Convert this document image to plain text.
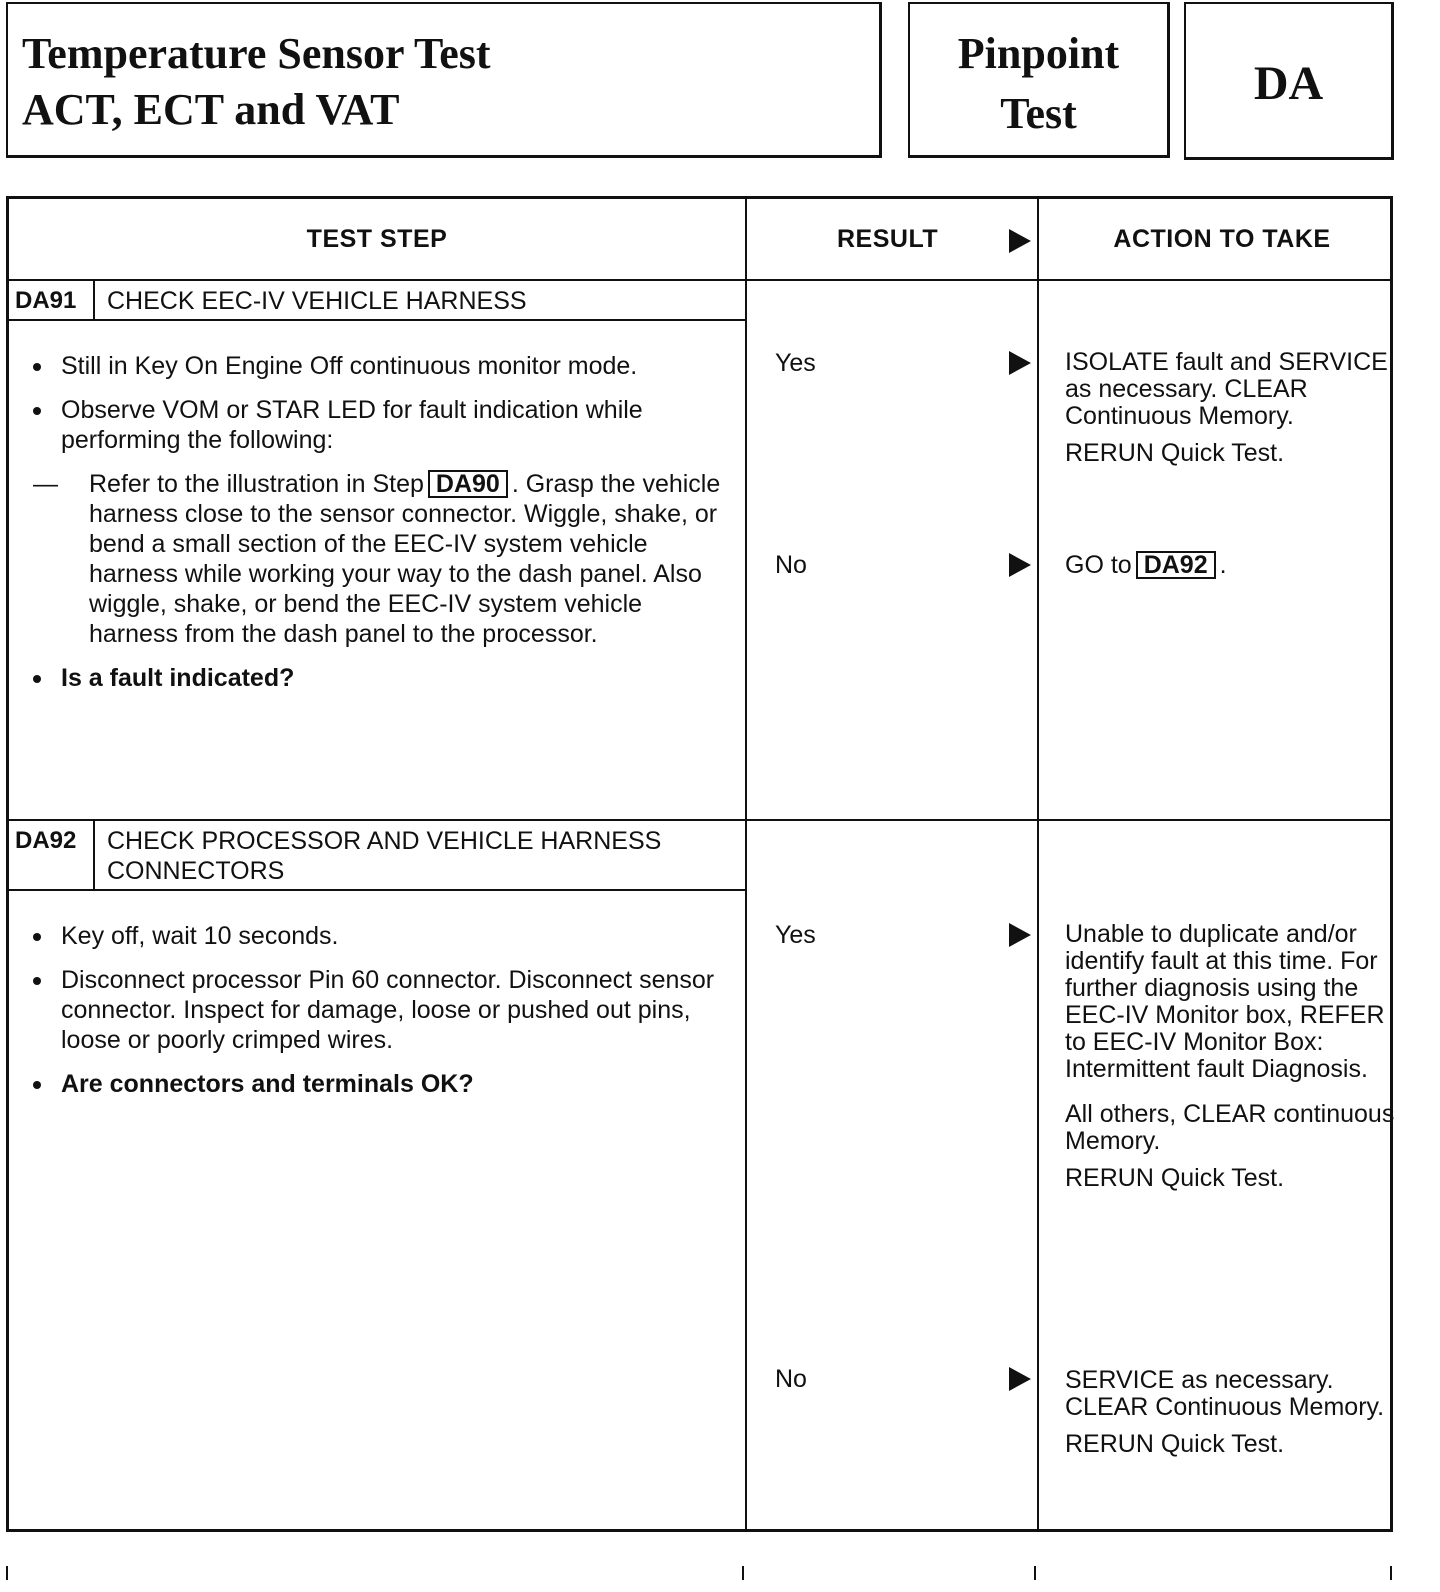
Temperature Sensor Test
ACT, ECT and VAT
Pinpoint
Test
DA
TEST STEP	RESULT	ACTION TO TAKE
DA91	CHECK EEC-IV VEHICLE HARNESS
Still in Key On Engine Off continuous monitor mode.
Observe VOM or STAR LED for fault indication while performing the following:
— Refer to the illustration in Step DA90 . Grasp the vehicle harness close to the sensor connector. Wiggle, shake, or bend a small section of the EEC-IV system vehicle harness while working your way to the dash panel. Also wiggle, shake, or bend the EEC-IV system vehicle harness from the dash panel to the processor.
Is a fault indicated?
Yes	ISOLATE fault and SERVICE as necessary. CLEAR Continuous Memory.

RERUN Quick Test.

No	GO to DA92 .
DA92	CHECK PROCESSOR AND VEHICLE HARNESS
CONNECTORS
Key off, wait 10 seconds.
Disconnect processor Pin 60 connector. Disconnect sensor connector. Inspect for damage, loose or pushed out pins, loose or poorly crimped wires.
Are connectors and terminals OK?
Yes	Unable to duplicate and/or identify fault at this time. For further diagnosis using the EEC-IV Monitor box, REFER to EEC-IV Monitor Box: Intermittent fault Diagnosis.

All others, CLEAR continuous Memory.

RERUN Quick Test.

No	SERVICE as necessary. CLEAR Continuous Memory.

RERUN Quick Test.
